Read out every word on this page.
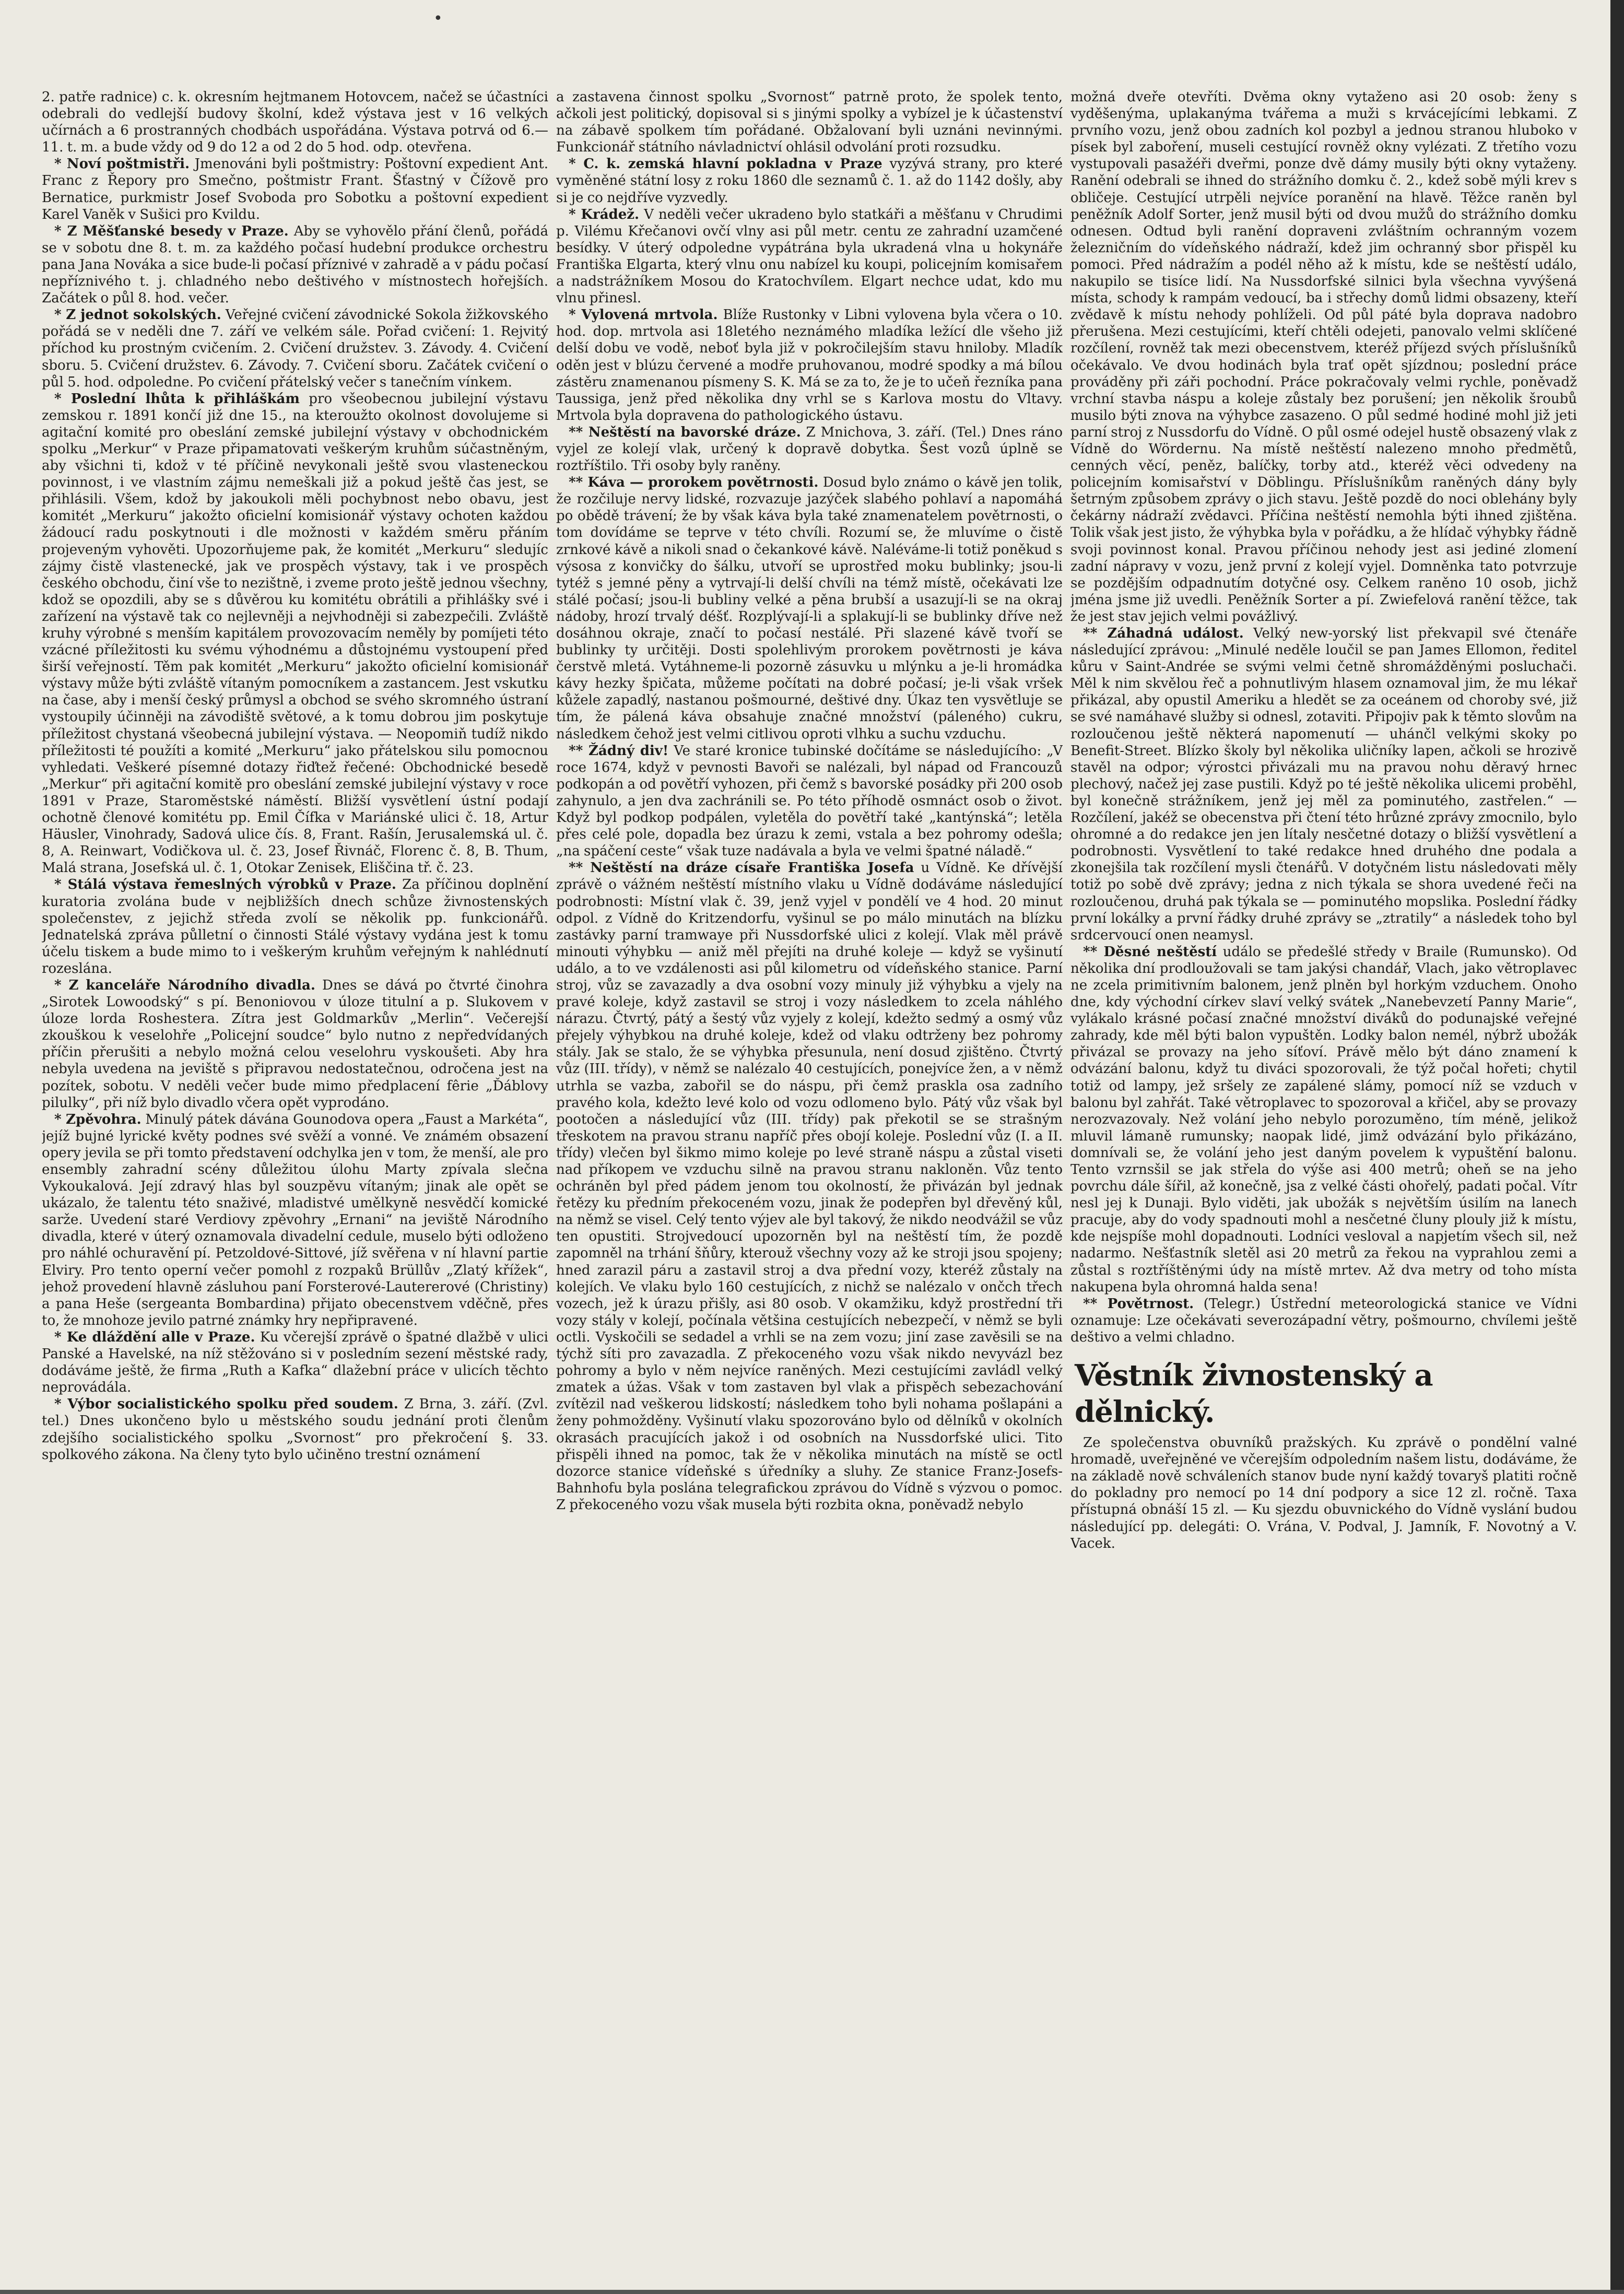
•

2. patře radnice) c. k. okresním hejtmanem Hotovcem, načež se účastníci odebrali do vedlejší budovy školní, kdež výstava jest v 16 velkých učírnách a 6 prostranných chodbách uspořádána. Výstava potrvá od 6.—11. t. m. a bude vždy od 9 do 12 a od 2 do 5 hod. odp. otevřena.

* Noví poštmistři. Jmenováni byli poštmistry: Poštovní expedient Ant. Franc z Řepory pro Smečno, poštmistr Frant. Šťastný v Čížově pro Bernatice, purkmistr Josef Svoboda pro Sobotku a poštovní expedient Karel Vaněk v Sušici pro Kvildu.

* Z Měšťanské besedy v Praze. Aby se vyhovělo přání členů, pořádá se v sobotu dne 8. t. m. za každého počasí hudební produkce orchestru pana Jana Nováka a sice bude-li počasí příznivé v zahradě a v pádu počasí nepříznivého t. j. chladného nebo deštivého v místnostech hořejších. Začátek o půl 8. hod. večer.

* Z jednot sokolských. Veřejné cvičení závodnické Sokola žižkovského pořádá se v neděli dne 7. září ve velkém sále. Pořad cvičení: 1. Rejvitý příchod ku prostným cvičením. 2. Cvičení družstev. 3. Závody. 4. Cvičení sboru. 5. Cvičení družstev. 6. Závody. 7. Cvičení sboru. Začátek cvičení o půl 5. hod. odpoledne. Po cvičení přátelský večer s tanečním vínkem.

* Poslední lhůta k přihláškám pro všeobecnou jubilejní výstavu zemskou r. 1891 končí již dne 15., na kteroužto okolnost dovolujeme si agitační komité pro obeslání zemské jubilejní výstavy v obchodnickém spolku „Merkur“ v Praze připamatovati veškerým kruhům súčastněným, aby všichni ti, kdož v té příčině nevykonali ještě svou vlasteneckou povinnost, i ve vlastním zájmu nemeškali již a pokud ještě čas jest, se přihlásili. Všem, kdož by jakoukoli měli pochybnost nebo obavu, jest komitét „Merkuru“ jakožto oficielní komisionář výstavy ochoten každou žádoucí radu poskytnouti i dle možnosti v každém směru přáním projeveným vyhověti. Upozorňujeme pak, že komitét „Merkuru“ sledujíc zájmy čistě vlastenecké, jak ve prospěch výstavy, tak i ve prospěch českého obchodu, činí vše to nezištně, i zveme proto ještě jednou všechny, kdož se opozdili, aby se s důvěrou ku komitétu obrátili a přihlášky své i zařízení na výstavě tak co nejlevněji a nejvhodněji si zabezpečili. Zvláště kruhy výrobné s menším kapitálem provozovacím neměly by pomíjeti této vzácné příležitosti ku svému výhodnému a důstojnému vystoupení před širší veřejností. Těm pak komitét „Merkuru“ jakožto oficielní komisionář výstavy může býti zvláště vítaným pomocníkem a zastancem. Jest vskutku na čase, aby i menší český průmysl a obchod se svého skromného ústraní vystoupily účinněji na závodiště světové, a k tomu dobrou jim poskytuje příležitost chystaná všeobecná jubilejní výstava. — Neopomiň tudíž nikdo příležitosti té použíti a komité „Merkuru“ jako přátelskou silu pomocnou vyhledati. Veškeré písemné dotazy řiďtež řečené: Obchodnické besedě „Merkur“ při agitační komitě pro obeslání zemské jubilejní výstavy v roce 1891 v Praze, Staroměstské náměstí. Bližší vysvětlení ústní podají ochotně členové komitétu pp. Emil Čífka v Mariánské ulici č. 18, Artur Häusler, Vinohrady, Sadová ulice čís. 8, Frant. Rašín, Jerusalemská ul. č. 8, A. Reinwart, Vodičkova ul. č. 23, Josef Řivnáč, Florenc č. 8, B. Thum, Malá strana, Josefská ul. č. 1, Otokar Zenisek, Eliščina tř. č. 23.

* Stálá výstava řemeslných výrobků v Praze. Za příčinou doplnění kuratoria zvolána bude v nejbližších dnech schůze živnostenských společenstev, z jejichž středa zvolí se několik pp. funkcionářů. Jednatelská zpráva půlletní o činnosti Stálé výstavy vydána jest k tomu účelu tiskem a bude mimo to i veškerým kruhům veřejným k nahlédnutí rozeslána.

* Z kanceláře Národního divadla. Dnes se dává po čtvrté činohra „Sirotek Lowoodský“ s pí. Benoniovou v úloze titulní a p. Slukovem v úloze lorda Roshestera. Zítra jest Goldmarkův „Merlin“. Večerejší zkouškou k veselohře „Policejní soudce“ bylo nutno z nepředvídaných příčin přerušiti a nebylo možná celou veselohru vyskoušeti. Aby hra nebyla uvedena na jeviště s připravou nedostatečnou, odročena jest na pozítek, sobotu. V neděli večer bude mimo předplacení fêrie „Ďáblovy pilulky“, při níž bylo divadlo včera opět vyprodáno.

* Zpěvohra. Minulý pátek dávána Gounodova opera „Faust a Markéta“, jejíž bujné lyrické květy podnes své svěží a vonné. Ve známém obsazení opery jevila se při tomto představení odchylka jen v tom, že menší, ale pro ensembly zahradní scény důležitou úlohu Marty zpívala slečna Vykoukalová. Její zdravý hlas byl souzpěvu vítaným; jinak ale opět se ukázalo, že talentu této snaživé, mladistvé umělkyně nesvědčí komické sarže. Uvedení staré Verdiovy zpěvohry „Ernani“ na jeviště Národního divadla, které v úterý oznamovala divadelní cedule, muselo býti odloženo pro náhlé ochuravění pí. Petzoldové-Sittové, jíž svěřena v ní hlavní partie Elviry. Pro tento operní večer pomohl z rozpaků Brüllův „Zlatý křížek“, jehož provedení hlavně zásluhou paní Forsterové-Lautererové (Christiny) a pana Heše (sergeanta Bombardina) přijato obecenstvem vděčně, přes to, že mnohoze jevilo patrné známky hry nepřipravené.

* Ke dláždění alle v Praze. Ku včerejší zprávě o špatné dlažbě v ulici Panské a Havelské, na níž stěžováno si v posledním sezení městské rady, dodáváme ještě, že firma „Ruth a Kafka“ dlažební práce v ulicích těchto neprovádála.

* Výbor socialistického spolku před soudem. Z Brna, 3. září. (Zvl. tel.) Dnes ukončeno bylo u městského soudu jednání proti členům zdejšího socialistického spolku „Svornost“ pro překročení §. 33. spolkového zákona. Na členy tyto bylo učiněno trestní oznámení

a zastavena činnost spolku „Svornost“ patrně proto, že spolek tento, ačkoli jest politický, dopisoval si s jinými spolky a vybízel je k účastenství na zábavě spolkem tím pořádané. Obžalovaní byli uznáni nevinnými. Funkcionář státního návladnictví ohlásil odvolání proti rozsudku.

* C. k. zemská hlavní pokladna v Praze vyzývá strany, pro které vyměněné státní losy z roku 1860 dle seznamů č. 1. až do 1142 došly, aby si je co nejdříve vyzvedly.

* Krádež. V neděli večer ukradeno bylo statkáři a měšťanu v Chrudimi p. Vilému Křečanovi ovčí vlny asi půl metr. centu ze zahradní uzamčené besídky. V úterý odpoledne vypátrána byla ukradená vlna u hokynáře Františka Elgarta, který vlnu onu nabízel ku koupi, policejním komisařem a nadstrážníkem Mosou do Kratochvílem. Elgart nechce udat, kdo mu vlnu přinesl.

* Vylovená mrtvola. Blíže Rustonky v Libni vylovena byla včera o 10. hod. dop. mrtvola asi 18letého neznámého mladíka ležící dle všeho již delší dobu ve vodě, neboť byla již v pokročilejším stavu hniloby. Mladík oděn jest v blúzu červené a modře pruhovanou, modré spodky a má bílou zástěru znamenanou písmeny S. K. Má se za to, že je to učeň řezníka pana Taussiga, jenž před několika dny vrhl se s Karlova mostu do Vltavy. Mrtvola byla dopravena do pathologického ústavu.

** Neštěstí na bavorské dráze. Z Mnichova, 3. září. (Tel.) Dnes ráno vyjel ze kolejí vlak, určený k dopravě dobytka. Šest vozů úplně se roztříštilo. Tři osoby byly raněny.

** Káva — prorokem povětrnosti. Dosud bylo známo o kávě jen tolik, že rozčiluje nervy lidské, rozvazuje jazýček slabého pohlaví a napomáhá po obědě trávení; že by však káva byla také znamenatelem povětrnosti, o tom dovídáme se teprve v této chvíli. Rozumí se, že mluvíme o čistě zrnkové kávě a nikoli snad o čekankové kávě. Naléváme-li totiž poněkud s výsosa z konvičky do šálku, utvoří se uprostřed moku bublinky; jsou-li tytéž s jemné pěny a vytrvají-li delší chvíli na témž místě, očekávati lze stálé počasí; jsou-li bubliny velké a pěna brubší a usazují-li se na okraj nádoby, hrozí trvalý déšť. Rozplývají-li a splakují-li se bublinky dříve než dosáhnou okraje, značí to počasí nestálé. Při slazené kávě tvoří se bublinky ty určitěji. Dosti spolehlivým prorokem povětrnosti je káva čerstvě mletá. Vytáhneme-li pozorně zásuvku u mlýnku a je-li hromádka kávy hezky špičata, můžeme počítati na dobré počasí; je-li však vršek kůžele zapadlý, nastanou pošmourné, deštivé dny. Úkaz ten vysvětluje se tím, že pálená káva obsahuje značné množství (páleného) cukru, následkem čehož jest velmi citlivou oproti vlhku a suchu vzduchu.

** Žádný div! Ve staré kronice tubinské dočítáme se následujícího: „V roce 1674, když v pevnosti Bavoři se nalézali, byl nápad od Francouzů podkopán a od povětří vyhozen, při čemž s bavorské posádky při 200 osob zahynulo, a jen dva zachránili se. Po této příhodě osmnáct osob o život. Když byl podkop podpálen, vyletěla do povětří také „kantýnská“; letěla přes celé pole, dopadla bez úrazu k zemi, vstala a bez pohromy odešla; „na spáčení ceste“ však tuze nadávala a byla ve velmi špatné náladě.“

** Neštěstí na dráze císaře Františka Josefa u Vídně. Ke dřívější zprávě o vážném neštěstí místního vlaku u Vídně dodáváme následující podrobnosti: Místní vlak č. 39, jenž vyjel v pondělí ve 4 hod. 20 minut odpol. z Vídně do Kritzendorfu, vyšinul se po málo minutách na blízku zastávky parní tramwaye při Nussdorfské ulici z kolejí. Vlak měl právě minouti výhybku — aniž měl přejíti na druhé koleje — když se vyšinutí událo, a to ve vzdálenosti asi půl kilometru od vídeňského stanice. Parní stroj, vůz se zavazadly a dva osobní vozy minuly již výhybku a vjely na pravé koleje, když zastavil se stroj i vozy následkem to zcela náhlého nárazu. Čtvrtý, pátý a šestý vůz vyjely z kolejí, kdežto sedmý a osmý vůz přejely výhybkou na druhé koleje, kdež od vlaku odtrženy bez pohromy stály. Jak se stalo, že se výhybka přesunula, není dosud zjištěno. Čtvrtý vůz (III. třídy), v němž se nalézalo 40 cestujících, ponejvíce žen, a v němž utrhla se vazba, zabořil se do náspu, při čemž praskla osa zadního pravého kola, kdežto levé kolo od vozu odlomeno bylo. Pátý vůz však byl pootočen a následující vůz (III. třídy) pak překotil se se strašným třeskotem na pravou stranu napříč přes obojí koleje. Poslední vůz (I. a II. třídy) vlečen byl šikmo mimo koleje po levé straně náspu a zůstal viseti nad příkopem ve vzduchu silně na pravou stranu nakloněn. Vůz tento ochráněn byl před pádem jenom tou okolností, že přivázán byl jednak řetězy ku předním překoceném vozu, jinak že podepřen byl dřevěný kůl, na němž se visel. Celý tento výjev ale byl takový, že nikdo neodvážil se vůz ten opustiti. Strojvedoucí upozorněn byl na neštěstí tím, že pozdě zapomněl na trhání šňůry, kterouž všechny vozy až ke stroji jsou spojeny; hned zarazil páru a zastavil stroj a dva přední vozy, kteréž zůstaly na kolejích. Ve vlaku bylo 160 cestujících, z nichž se nalézalo v ončch třech vozech, jež k úrazu přišly, asi 80 osob. V okamžiku, když prostřední tři vozy stály v kolejí, počínala většina cestujících nebezpečí, v němž se byli octli. Vyskočili se sedadel a vrhli se na zem vozu; jiní zase zavěsili se na týchž síti pro zavazadla. Z překoceného vozu však nikdo nevyvázl bez pohromy a bylo v něm nejvíce raněných. Mezi cestujícími zavládl velký zmatek a úžas. Však v tom zastaven byl vlak a přispěch sebezachování zvítězil nad veškerou lidskostí; následkem toho byli nohama pošlapáni a ženy pohmožděny. Vyšinutí vlaku spozorováno bylo od dělníků v okolních okrasách pracujících jakož i od osobních na Nussdorfské ulici. Tito přispěli ihned na pomoc, tak že v několika minutách na místě se octl dozorce stanice vídeňské s úředníky a sluhy. Ze stanice Franz-Josefs-Bahnhofu byla poslána telegrafickou zprávou do Vídně s výzvou o pomoc. Z překoceného vozu však musela býti rozbita okna, poněvadž nebylo

možná dveře otevříti. Dvěma okny vytaženo asi 20 osob: ženy s vyděšenýma, uplakanýma tvářema a muži s krvácejícími lebkami. Z prvního vozu, jenž obou zadních kol pozbyl a jednou stranou hluboko v písek byl zaboření, museli cestující rovněž okny vylézati. Z třetího vozu vystupovali pasažéři dveřmi, ponze dvě dámy musily býti okny vytaženy. Ranění odebrali se ihned do strážního domku č. 2., kdež sobě mýli krev s obličeje. Cestující utrpěli nejvíce poranění na hlavě. Těžce raněn byl peněžník Adolf Sorter, jenž musil býti od dvou mužů do strážního domku odnesen. Odtud byli ranění dopraveni zvláštním ochranným vozem železničním do vídeňského nádraží, kdež jim ochranný sbor přispěl ku pomoci. Před nádražím a podél něho až k místu, kde se neštěstí událo, nakupilo se tisíce lidí. Na Nussdorfské silnici byla všechna vyvýšená místa, schody k rampám vedoucí, ba i střechy domů lidmi obsazeny, kteří zvědavě k místu nehody pohlíželi. Od půl páté byla doprava nadobro přerušena. Mezi cestujícími, kteří chtěli odejeti, panovalo velmi sklíčené rozčílení, rovněž tak mezi obecenstvem, kteréž příjezd svých příslušníků očekávalo. Ve dvou hodinách byla trať opět sjízdnou; poslední práce prováděny při záři pochodní. Práce pokračovaly velmi rychle, poněvadž vrchní stavba náspu a koleje zůstaly bez porušení; jen několik šroubů musilo býti znova na výhybce zasazeno. O půl sedmé hodiné mohl již jeti parní stroj z Nussdorfu do Vídně. O půl osmé odejel hustě obsazený vlak z Vídně do Wördernu. Na místě neštěstí nalezeno mnoho předmětů, cenných věcí, peněz, balíčky, torby atd., kteréž věci odvedeny na policejním komisařství v Döblingu. Příslušníkům raněných dány byly šetrným způsobem zprávy o jich stavu. Ještě pozdě do noci oblehány byly čekárny nádraží zvědavci. Příčina neštěstí nemohla býti ihned zjištěna. Tolik však jest jisto, že výhybka byla v pořádku, a že hlídač výhybky řádně svoji povinnost konal. Pravou příčinou nehody jest asi jediné zlomení zadní nápravy v vozu, jenž první z kolejí vyjel. Domněnka tato potvrzuje se pozdějším odpadnutím dotyčné osy. Celkem raněno 10 osob, jichž jména jsme již uvedli. Peněžník Sorter a pí. Zwiefelová ranění těžce, tak že jest stav jejich velmi povážlivý.

** Záhadná událost. Velký new-yorský list překvapil své čtenáře následující zprávou: „Minulé neděle loučil se pan James Ellomon, ředitel kůru v Saint-Andrée se svými velmi četně shromážděnými posluchači. Měl k nim skvělou řeč a pohnutlivým hlasem oznamoval jim, že mu lékař přikázal, aby opustil Ameriku a hledět se za oceánem od choroby své, již se své namáhavé služby si odnesl, zotaviti. Připojiv pak k těmto slovům na rozloučenou ještě některá napomenutí — uhánčl velkými skoky po Benefit-Street. Blízko školy byl několika uličníky lapen, ačkoli se hrozivě stavěl na odpor; výrostci přivázali mu na pravou nohu děravý hrnec plechový, načež jej zase pustili. Když po té ještě několika ulicemi proběhl, byl konečně strážníkem, jenž jej měl za pominutého, zastřelen.“ — Rozčílení, jakéž se obecenstva při čtení této hrůzné zprávy zmocnilo, bylo ohromné a do redakce jen jen lítaly nesčetné dotazy o bližší vysvětlení a podrobnosti. Vysvětlení to také redakce hned druhého dne podala a zkonejšila tak rozčílení mysli čtenářů. V dotyčném listu následovati měly totiž po sobě dvě zprávy; jedna z nich týkala se shora uvedené řeči na rozloučenou, druhá pak týkala se — pominutého mopslika. Poslední řádky první lokálky a první řádky druhé zprávy se „ztratily“ a následek toho byl srdcervoucí onen neamysl.

** Děsné neštěstí událo se předešlé středy v Braile (Rumunsko). Od několika dní prodloužovali se tam jakýsi chandář, Vlach, jako větroplavec ne zcela primitivním balonem, jenž plněn byl horkým vzduchem. Onoho dne, kdy východní církev slaví velký svátek „Nanebevzetí Panny Marie“, vylákalo krásné počasí značné množství diváků do podunajské veřejné zahrady, kde měl býti balon vypuštěn. Lodky balon nemél, nýbrž ubožák přivázal se provazy na jeho síťoví. Právě mělo být dáno znamení k odvázání balonu, když tu diváci spozorovali, že týž počal hořeti; chytil totiž od lampy, jež sršely ze zapálené slámy, pomocí níž se vzduch v balonu byl zahřát. Také větroplavec to spozoroval a křičel, aby se provazy nerozvazovaly. Než volání jeho nebylo porozuměno, tím méně, jelikož mluvil lámaně rumunsky; naopak lidé, jimž odvázání bylo přikázáno, domnívali se, že volání jeho jest daným povelem k vypuštění balonu. Tento vzrnsšil se jak střela do výše asi 400 metrů; oheň se na jeho povrchu dále šířil, až konečně, jsa z velké části ohořelý, padati počal. Vítr nesl jej k Dunaji. Bylo viděti, jak ubožák s největším úsilím na lanech pracuje, aby do vody spadnouti mohl a nesčetné čluny plouly již k místu, kde nejspíše mohl dopadnouti. Lodníci vesloval a napjetím všech sil, než nadarmo. Nešťastník sletěl asi 20 metrů za řekou na vyprahlou zemi a zůstal s roztříštěnými údy na místě mrtev. Až dva metry od toho místa nakupena byla ohromná halda sena!

** Povětrnost. (Telegr.) Ústřední meteorologická stanice ve Vídni oznamuje: Lze očekávati severozápadní větry, pošmourno, chvílemi ještě deštivo a velmi chladno.

Věstník živnostenský a dělnický.

Ze společenstva obuvníků pražských. Ku zprávě o pondělní valné hromadě, uveřejněné ve včerejším odpoledním našem listu, dodáváme, že na základě nově schváleních stanov bude nyní každý tovaryš platiti ročně do pokladny pro nemocí po 14 dní podpory a sice 12 zl. ročně. Taxa přístupná obnáší 15 zl. — Ku sjezdu obuvnického do Vídně vyslání budou následující pp. delegáti: O. Vrána, V. Podval, J. Jamník, F. Novotný a V. Vacek.
